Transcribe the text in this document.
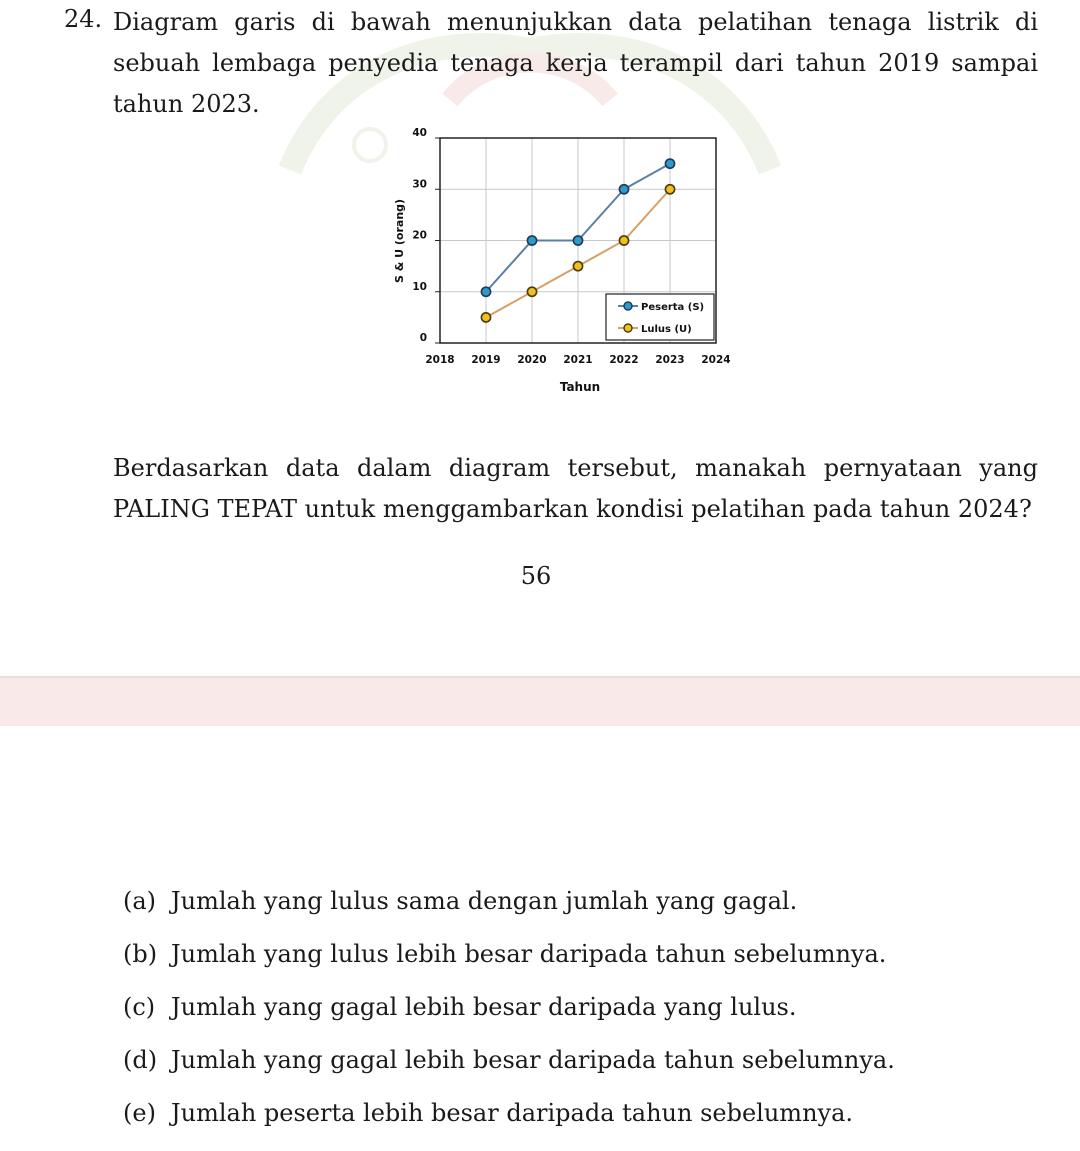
24. Diagram garis di bawah menunjukkan data pelatihan tenaga listrik di sebuah lembaga penyedia tenaga kerja terampil dari tahun 2019 sampai tahun 2023.
2018 2019 2020 2021 2022 2023 2024
0
10
20
30
40
S & U (orang)
Tahun
Peserta (S)
Lulus (U)
Berdasarkan data dalam diagram tersebut, manakah pernyataan yang PALING TEPAT untuk menggambarkan kondisi pelatihan pada tahun 2024?
56
(a) Jumlah yang lulus sama dengan jumlah yang gagal.
(b) Jumlah yang lulus lebih besar daripada tahun sebelumnya.
(c) Jumlah yang gagal lebih besar daripada yang lulus.
(d) Jumlah yang gagal lebih besar daripada tahun sebelumnya.
(e) Jumlah peserta lebih besar daripada tahun sebelumnya.
